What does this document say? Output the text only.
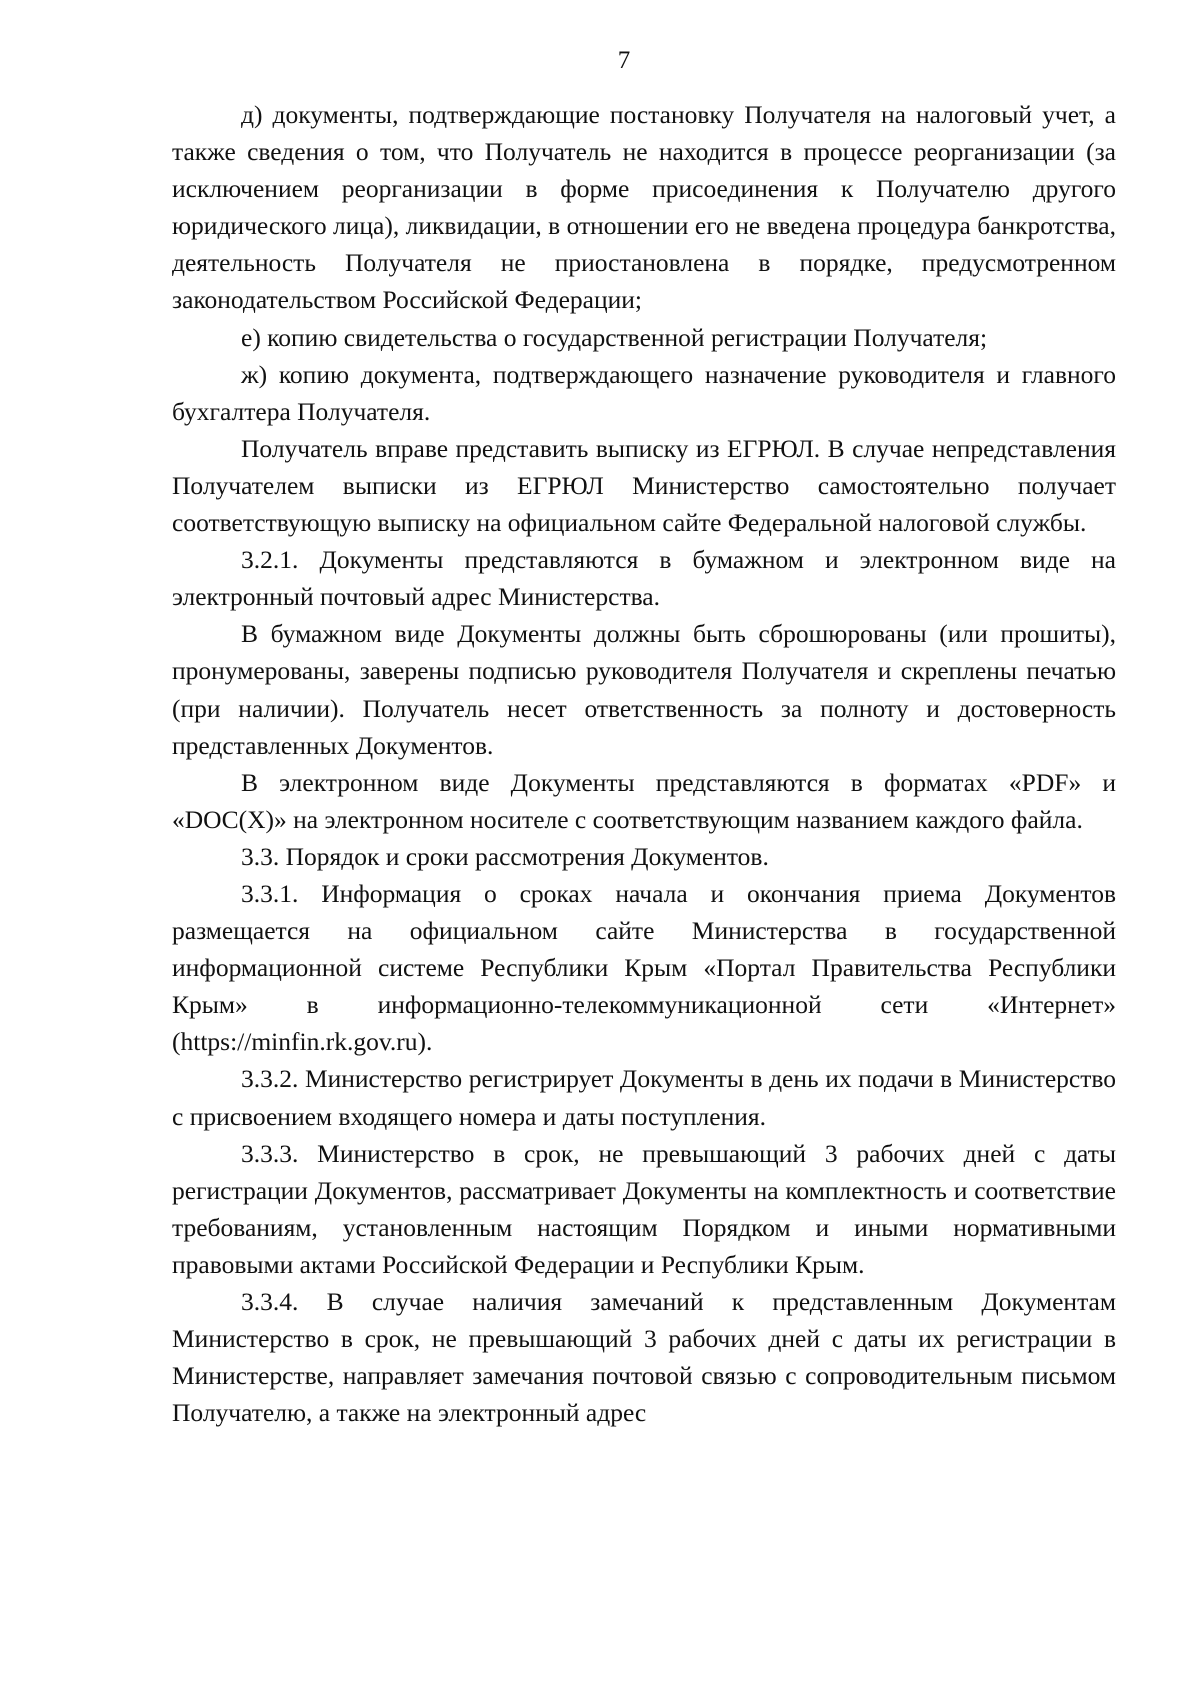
7

д) документы, подтверждающие постановку Получателя на налоговый учет, а также сведения о том, что Получатель не находится в процессе реорганизации (за исключением реорганизации в форме присоединения к Получателю другого юридического лица), ликвидации, в отношении его не введена процедура банкротства, деятельность Получателя не приостановлена в порядке, предусмотренном законодательством Российской Федерации;

е) копию свидетельства о государственной регистрации Получателя;

ж) копию документа, подтверждающего назначение руководителя и главного бухгалтера Получателя.

Получатель вправе представить выписку из ЕГРЮЛ. В случае непредставления Получателем выписки из ЕГРЮЛ Министерство самостоятельно получает соответствующую выписку на официальном сайте Федеральной налоговой службы.

3.2.1. Документы представляются в бумажном и электронном виде на электронный почтовый адрес Министерства.

В бумажном виде Документы должны быть сброшюрованы (или прошиты), пронумерованы, заверены подписью руководителя Получателя и скреплены печатью (при наличии). Получатель несет ответственность за полноту и достоверность представленных Документов.

В электронном виде Документы представляются в форматах «PDF» и «DOC(X)» на электронном носителе с соответствующим названием каждого файла.

3.3. Порядок и сроки рассмотрения Документов.

3.3.1. Информация о сроках начала и окончания приема Документов размещается на официальном сайте Министерства в государственной информационной системе Республики Крым «Портал Правительства Республики Крым» в информационно-телекоммуникационной сети «Интернет» (https://minfin.rk.gov.ru).

3.3.2. Министерство регистрирует Документы в день их подачи в Министерство с присвоением входящего номера и даты поступления.

3.3.3. Министерство в срок, не превышающий 3 рабочих дней с даты регистрации Документов, рассматривает Документы на комплектность и соответствие требованиям, установленным настоящим Порядком и иными нормативными правовыми актами Российской Федерации и Республики Крым.

3.3.4. В случае наличия замечаний к представленным Документам Министерство в срок, не превышающий 3 рабочих дней с даты их регистрации в Министерстве, направляет замечания почтовой связью с сопроводительным письмом Получателю, а также на электронный адрес
